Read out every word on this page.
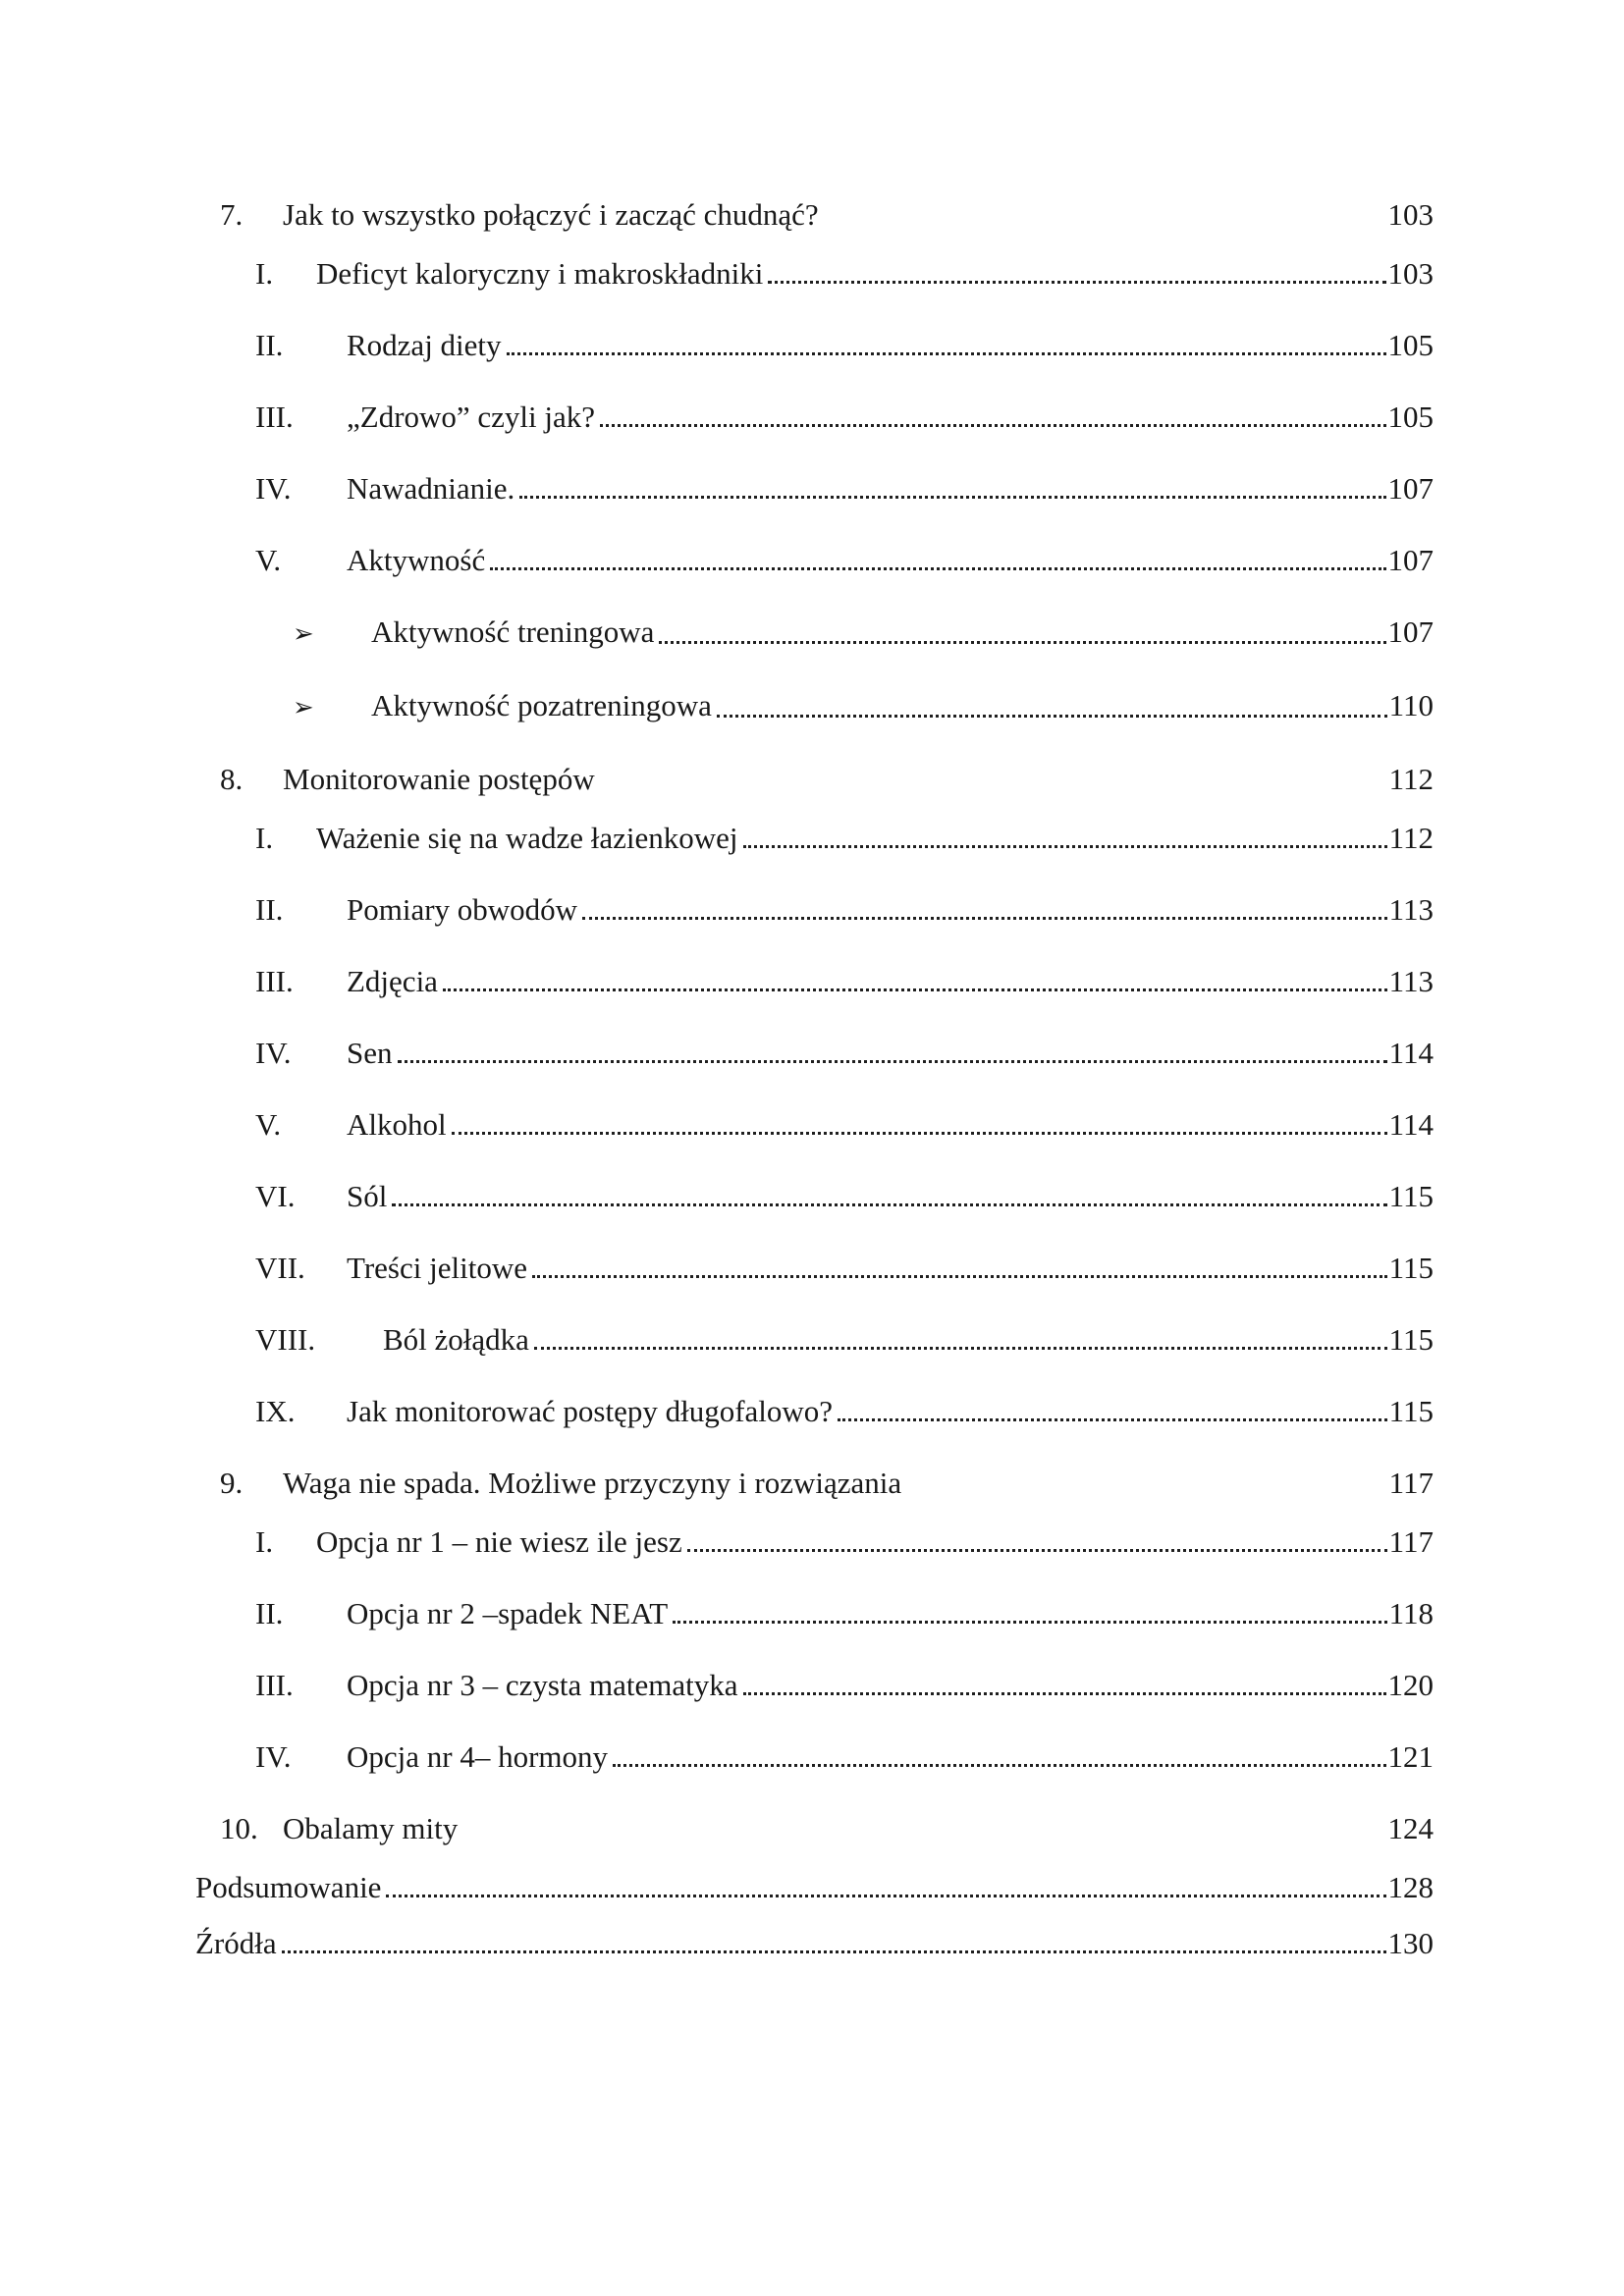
7.	Jak to wszystko połączyć i zacząć chudnąć?	103
I.	Deficyt kaloryczny i makroskładniki	103
II.	Rodzaj diety	105
III.	„Zdrowo” czyli jak?	105
IV.	Nawadnianie.	107
V.	Aktywność	107
➢	Aktywność treningowa	107
➢	Aktywność pozatreningowa	110
8.	Monitorowanie postępów	112
I.	Ważenie się na wadze łazienkowej	112
II.	Pomiary obwodów	113
III.	Zdjęcia	113
IV.	Sen	114
V.	Alkohol	114
VI.	Sól	115
VII.	Treści jelitowe	115
VIII.	Ból żołądka	115
IX.	Jak monitorować postępy długofalowo?	115
9.	Waga nie spada. Możliwe przyczyny i rozwiązania	117
I.	Opcja nr 1 – nie wiesz ile jesz	117
II.	Opcja nr 2 –spadek NEAT	118
III.	Opcja nr 3 – czysta matematyka	120
IV.	Opcja nr 4– hormony	121
10. Obalamy mity	124
Podsumowanie	128
Źródła	130
